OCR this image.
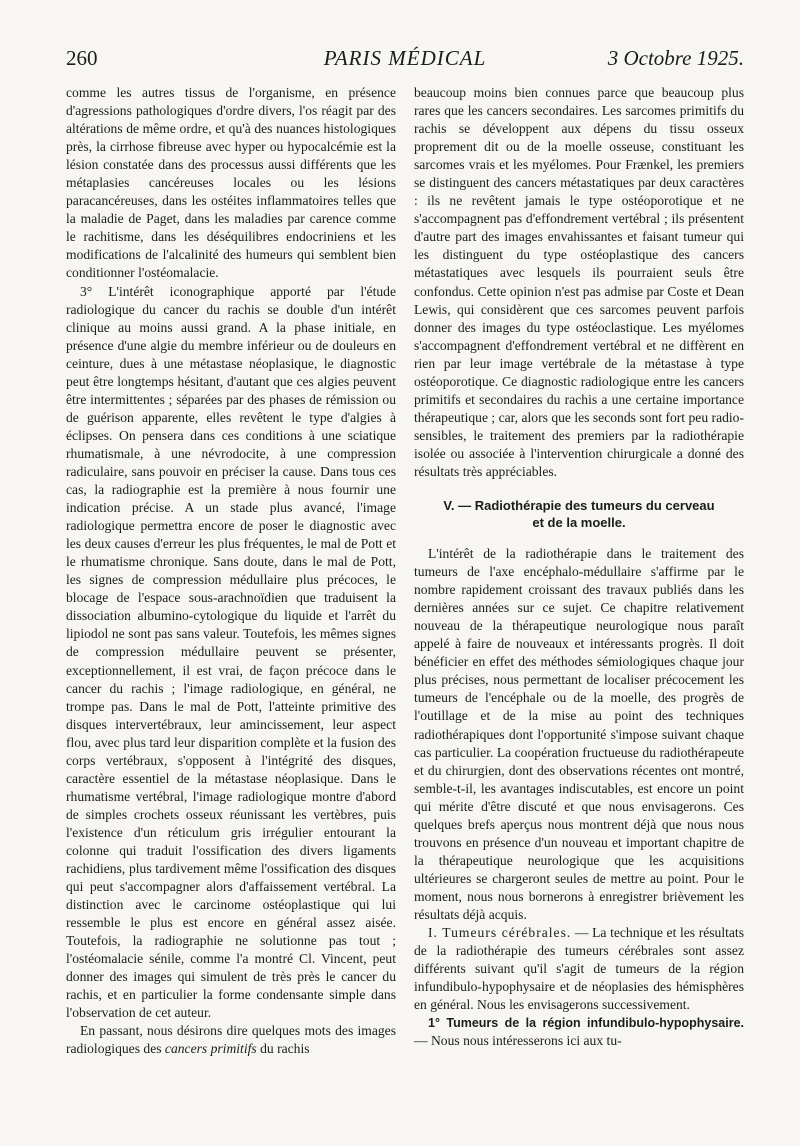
260	PARIS MÉDICAL	3 Octobre 1925.

comme les autres tissus de l'organisme, en présence d'agressions pathologiques d'ordre divers, l'os réagit par des altérations de même ordre, et qu'à des nuances histologiques près, la cirrhose fibreuse avec hyper ou hypocalcémie est la lésion constatée dans des processus aussi différents que les métaplasies cancéreuses locales ou les lésions paracancéreuses, dans les ostéites inflammatoires telles que la maladie de Paget, dans les maladies par carence comme le rachitisme, dans les déséquilibres endocriniens et les modifications de l'alcalinité des humeurs qui semblent bien conditionner l'ostéomalacie.

3° L'intérêt iconographique apporté par l'étude radiologique du cancer du rachis se double d'un intérêt clinique au moins aussi grand. A la phase initiale, en présence d'une algie du membre inférieur ou de douleurs en ceinture, dues à une métastase néoplasique, le diagnostic peut être longtemps hésitant, d'autant que ces algies peuvent être intermittentes ; séparées par des phases de rémission ou de guérison apparente, elles revêtent le type d'algies à éclipses. On pensera dans ces conditions à une sciatique rhumatismale, à une névrodocite, à une compression radiculaire, sans pouvoir en préciser la cause. Dans tous ces cas, la radiographie est la première à nous fournir une indication précise. A un stade plus avancé, l'image radiologique permettra encore de poser le diagnostic avec les deux causes d'erreur les plus fréquentes, le mal de Pott et le rhumatisme chronique. Sans doute, dans le mal de Pott, les signes de compression médullaire plus précoces, le blocage de l'espace sous-arachnoïdien que traduisent la dissociation albumino-cytologique du liquide et l'arrêt du lipiodol ne sont pas sans valeur. Toutefois, les mêmes signes de compression médullaire peuvent se présenter, exceptionnellement, il est vrai, de façon précoce dans le cancer du rachis ; l'image radiologique, en général, ne trompe pas. Dans le mal de Pott, l'atteinte primitive des disques intervertébraux, leur amincissement, leur aspect flou, avec plus tard leur disparition complète et la fusion des corps vertébraux, s'opposent à l'intégrité des disques, caractère essentiel de la métastase néoplasique. Dans le rhumatisme vertébral, l'image radiologique montre d'abord de simples crochets osseux réunissant les vertèbres, puis l'existence d'un réticulum gris irrégulier entourant la colonne qui traduit l'ossification des divers ligaments rachidiens, plus tardivement même l'ossification des disques qui peut s'accompagner alors d'affaissement vertébral. La distinction avec le carcinome ostéoplastique qui lui ressemble le plus est encore en général assez aisée. Toutefois, la radiographie ne solutionne pas tout ; l'ostéomalacie sénile, comme l'a montré Cl. Vincent, peut donner des images qui simulent de très près le cancer du rachis, et en particulier la forme condensante simple dans l'observation de cet auteur.

En passant, nous désirons dire quelques mots des images radiologiques des cancers primitifs du rachis

beaucoup moins bien connues parce que beaucoup plus rares que les cancers secondaires. Les sarcomes primitifs du rachis se développent aux dépens du tissu osseux proprement dit ou de la moelle osseuse, constituant les sarcomes vrais et les myélomes. Pour Frænkel, les premiers se distinguent des cancers métastatiques par deux caractères : ils ne revêtent jamais le type ostéoporotique et ne s'accompagnent pas d'effondrement vertébral ; ils présentent d'autre part des images envahissantes et faisant tumeur qui les distinguent du type ostéoplastique des cancers métastatiques avec lesquels ils pourraient seuls être confondus. Cette opinion n'est pas admise par Coste et Dean Lewis, qui considèrent que ces sarcomes peuvent parfois donner des images du type ostéoclastique. Les myélomes s'accompagnent d'effondrement vertébral et ne diffèrent en rien par leur image vertébrale de la métastase à type ostéoporotique. Ce diagnostic radiologique entre les cancers primitifs et secondaires du rachis a une certaine importance thérapeutique ; car, alors que les seconds sont fort peu radio-sensibles, le traitement des premiers par la radiothérapie isolée ou associée à l'intervention chirurgicale a donné des résultats très appréciables.

V. — Radiothérapie des tumeurs du cerveau
et de la moelle.

L'intérêt de la radiothérapie dans le traitement des tumeurs de l'axe encéphalo-médullaire s'affirme par le nombre rapidement croissant des travaux publiés dans les dernières années sur ce sujet. Ce chapitre relativement nouveau de la thérapeutique neurologique nous paraît appelé à faire de nouveaux et intéressants progrès. Il doit bénéficier en effet des méthodes sémiologiques chaque jour plus précises, nous permettant de localiser précocement les tumeurs de l'encéphale ou de la moelle, des progrès de l'outillage et de la mise au point des techniques radiothérapiques dont l'opportunité s'impose suivant chaque cas particulier. La coopération fructueuse du radiothérapeute et du chirurgien, dont des observations récentes ont montré, semble-t-il, les avantages indiscutables, est encore un point qui mérite d'être discuté et que nous envisagerons. Ces quelques brefs aperçus nous montrent déjà que nous nous trouvons en présence d'un nouveau et important chapitre de la thérapeutique neurologique que les acquisitions ultérieures se chargeront seules de mettre au point. Pour le moment, nous nous bornerons à enregistrer brièvement les résultats déjà acquis.

I. Tumeurs cérébrales. — La technique et les résultats de la radiothérapie des tumeurs cérébrales sont assez différents suivant qu'il s'agit de tumeurs de la région infundibulo-hypophysaire et de néoplasies des hémisphères en général. Nous les envisagerons successivement.

1° Tumeurs de la région infundibulo-hypophysaire. — Nous nous intéresserons ici aux tu-
